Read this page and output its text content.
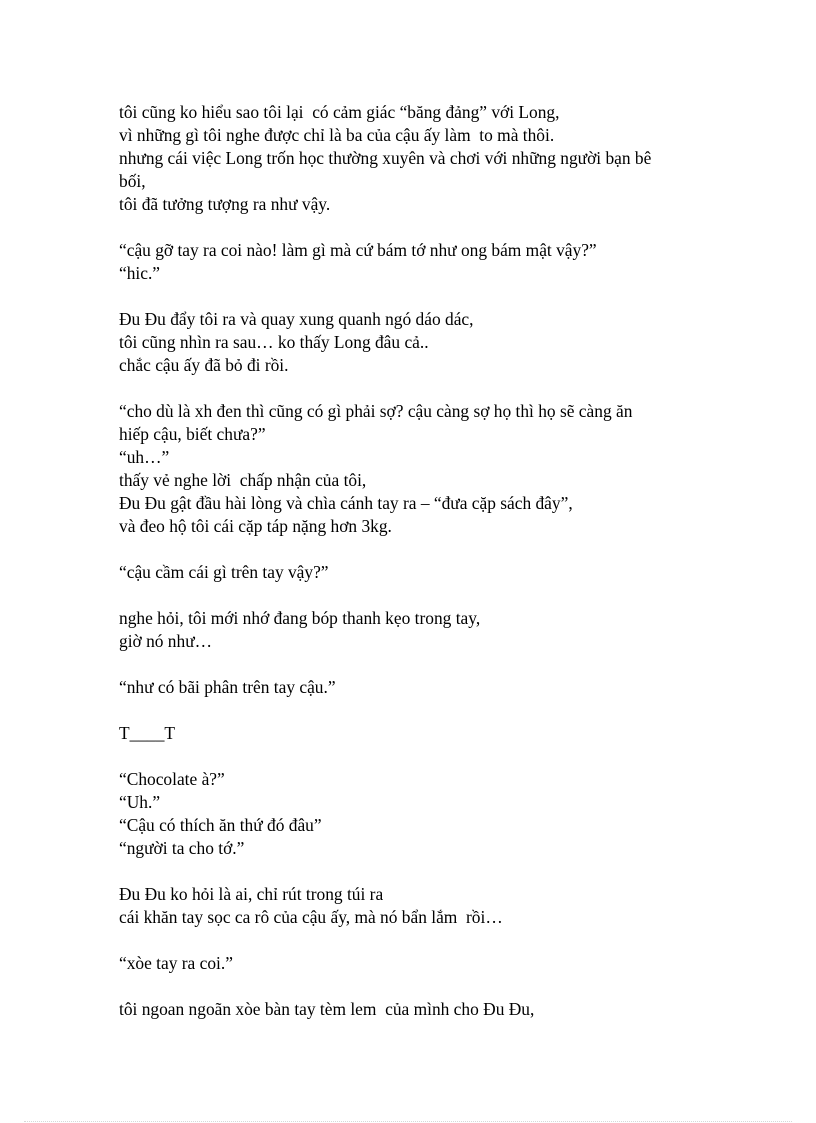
tôi cũng ko hiểu sao tôi lại  có cảm giác “băng đảng” với Long,
vì những gì tôi nghe được chỉ là ba của cậu ấy làm  to mà thôi.
nhưng cái việc Long trốn học thường xuyên và chơi với những người bạn bê
bối,
tôi đã tưởng tượng ra như vậy.

“cậu gỡ tay ra coi nào! làm gì mà cứ bám tớ như ong bám mật vậy?”
“hic.”

Đu Đu đẩy tôi ra và quay xung quanh ngó dáo dác,
tôi cũng nhìn ra sau… ko thấy Long đâu cả..
chắc cậu ấy đã bỏ đi rồi.

“cho dù là xh đen thì cũng có gì phải sợ? cậu càng sợ họ thì họ sẽ càng ăn
hiếp cậu, biết chưa?”
“uh…”
thấy vẻ nghe lời  chấp nhận của tôi,
Đu Đu gật đầu hài lòng và chìa cánh tay ra – “đưa cặp sách đây”,
và đeo hộ tôi cái cặp táp nặng hơn 3kg.

“cậu cầm cái gì trên tay vậy?”

nghe hỏi, tôi mới nhớ đang bóp thanh kẹo trong tay,
giờ nó như…

“như có bãi phân trên tay cậu.”

T____T

“Chocolate à?”
“Uh.”
“Cậu có thích ăn thứ đó đâu”
“người ta cho tớ.”

Đu Đu ko hỏi là ai, chỉ rút trong túi ra
cái khăn tay sọc ca rô của cậu ấy, mà nó bẩn lắm  rồi…

“xòe tay ra coi.”

tôi ngoan ngoãn xòe bàn tay tèm lem  của mình cho Đu Đu,
